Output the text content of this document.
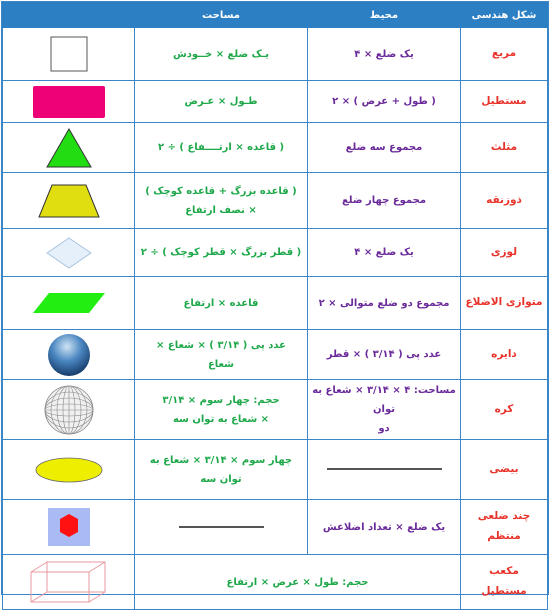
شکل هندسی	محیط	مساحت	
مربع	یک ضلع × ۴	یـک ضلع × خــودش	

مستطیل	( طول + عرض ) × ۲	طـول × عـرض	

مثلث	مجموع سه ضلع	( قاعده × ارتــــفاع ) ÷ ۲	

ذوزنقه	مجموع چهار ضلع	( قاعده بزرگ + قاعده کوچک )
× نصف ارتفاع

لوزی	یک ضلع × ۴	( قطر بزرگ × قطر کوچک ) ÷ ۲	

متوازی الاضلاع	مجموع دو ضلع متوالی × ۲	قاعده × ارتفاع	

دایره	عدد پی ( ۳/۱۴ ) × قطر	عدد پی ( ۳/۱۴ ) × شعاع ×
شعاع

کره	مساحت: ۴ × ۳/۱۴ × شعاع به توان
دو	حجم: چهار سوم × ۳/۱۴
× شعاع به توان سه

بیضی		چهار سوم × ۳/۱۴ × شعاع به
توان سه

چند ضلعی
منتظم	یک ضلع × تعداد اضلاعش		

مکعب
مستطیل	حجم: طول × عرض × ارتفاع	
